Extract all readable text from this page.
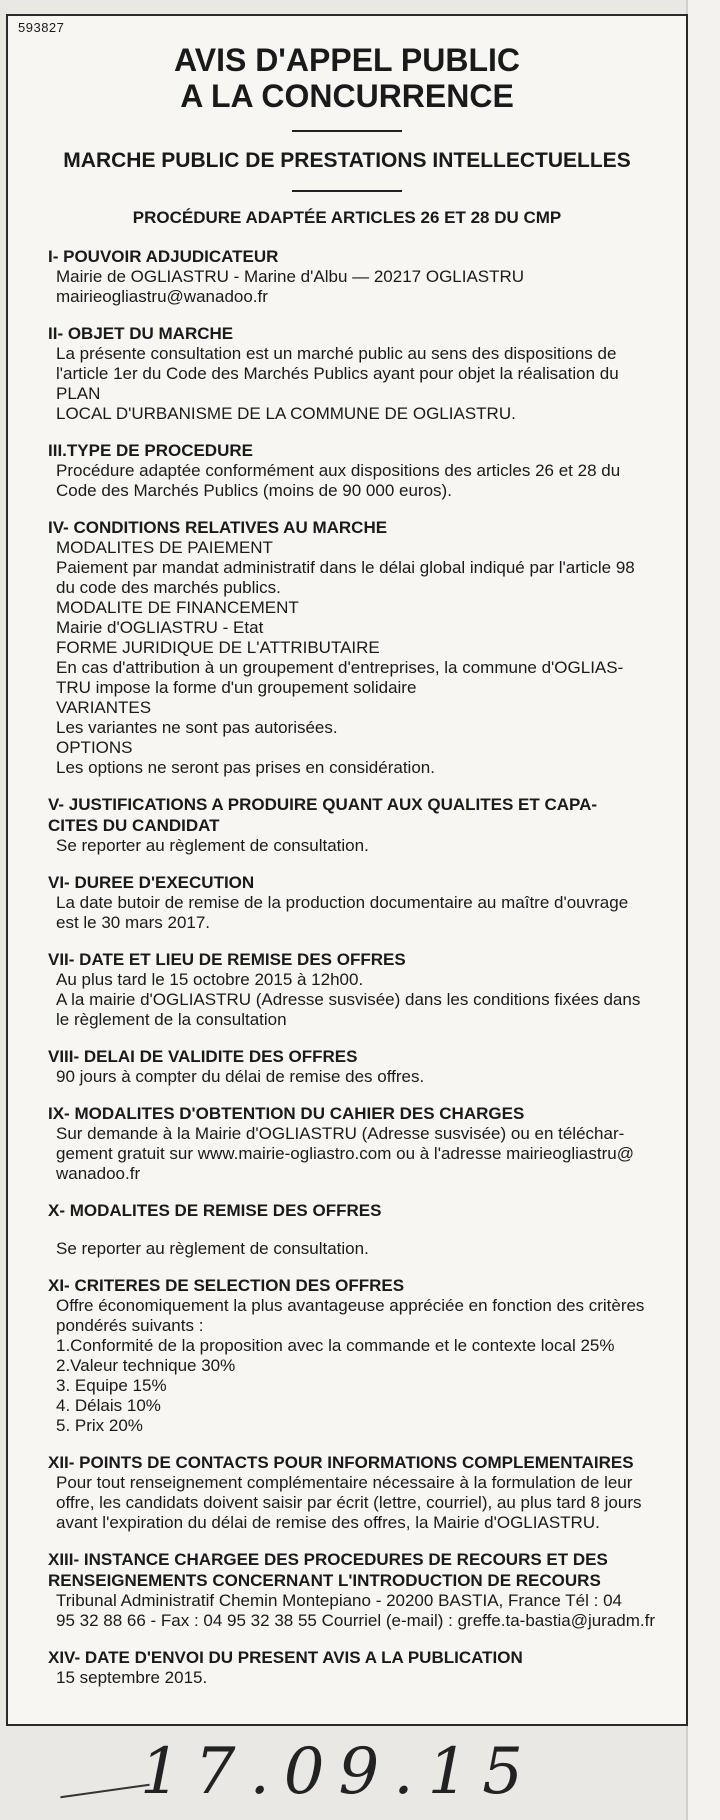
593827
AVIS D'APPEL PUBLIC
A LA CONCURRENCE
MARCHE PUBLIC DE PRESTATIONS INTELLECTUELLES
PROCÉDURE ADAPTÉE ARTICLES 26 ET 28 DU CMP
I- POUVOIR ADJUDICATEUR
Mairie de OGLIASTRU - Marine d'Albu — 20217 OGLIASTRU
mairieogliastru@wanadoo.fr
II- OBJET DU MARCHE
La présente consultation est un marché public au sens des dispositions de
l'article 1er du Code des Marchés Publics ayant pour objet la réalisation du PLAN
LOCAL D'URBANISME DE LA COMMUNE DE OGLIASTRU.
III.TYPE DE PROCEDURE
Procédure adaptée conformément aux dispositions des articles 26 et 28 du
Code des Marchés Publics (moins de 90 000 euros).
IV- CONDITIONS RELATIVES AU MARCHE
MODALITES DE PAIEMENT
Paiement par mandat administratif dans le délai global indiqué par l'article 98
du code des marchés publics.
MODALITE DE FINANCEMENT
Mairie d'OGLIASTRU - Etat
FORME JURIDIQUE DE L'ATTRIBUTAIRE
En cas d'attribution à un groupement d'entreprises, la commune d'OGLIAS-
TRU impose la forme d'un groupement solidaire
VARIANTES
Les variantes ne sont pas autorisées.
OPTIONS
Les options ne seront pas prises en considération.
V- JUSTIFICATIONS A PRODUIRE QUANT AUX QUALITES ET CAPA-
CITES DU CANDIDAT
Se reporter au règlement de consultation.
VI- DUREE D'EXECUTION
La date butoir de remise de la production documentaire au maître d'ouvrage
est le 30 mars 2017.
VII- DATE ET LIEU DE REMISE DES OFFRES
Au plus tard le 15 octobre 2015 à 12h00.
A la mairie d'OGLIASTRU (Adresse susvisée) dans les conditions fixées dans
le règlement de la consultation
VIII- DELAI DE VALIDITE DES OFFRES
90 jours à compter du délai de remise des offres.
IX- MODALITES D'OBTENTION DU CAHIER DES CHARGES
Sur demande à la Mairie d'OGLIASTRU (Adresse susvisée) ou en téléchar-
gement gratuit sur www.mairie-ogliastro.com ou à l'adresse mairieogliastru@
wanadoo.fr
X- MODALITES DE REMISE DES OFFRES
Se reporter au règlement de consultation.
XI- CRITERES DE SELECTION DES OFFRES
Offre économiquement la plus avantageuse appréciée en fonction des critères
pondérés suivants :
1.Conformité de la proposition avec la commande et le contexte local 25%
2.Valeur technique 30%
3. Equipe 15%
4. Délais 10%
5. Prix 20%
XII- POINTS DE CONTACTS POUR INFORMATIONS COMPLEMENTAIRES
Pour tout renseignement complémentaire nécessaire à la formulation de leur
offre, les candidats doivent saisir par écrit (lettre, courriel), au plus tard 8 jours
avant l'expiration du délai de remise des offres, la Mairie d'OGLIASTRU.
XIII- INSTANCE CHARGEE DES PROCEDURES DE RECOURS ET DES
RENSEIGNEMENTS CONCERNANT L'INTRODUCTION DE RECOURS
Tribunal Administratif Chemin Montepiano - 20200 BASTIA, France Tél : 04
95 32 88 66 - Fax : 04 95 32 38 55 Courriel (e-mail) : greffe.ta-bastia@juradm.fr
XIV- DATE D'ENVOI DU PRESENT AVIS A LA PUBLICATION
15 septembre 2015.
17.09.15
